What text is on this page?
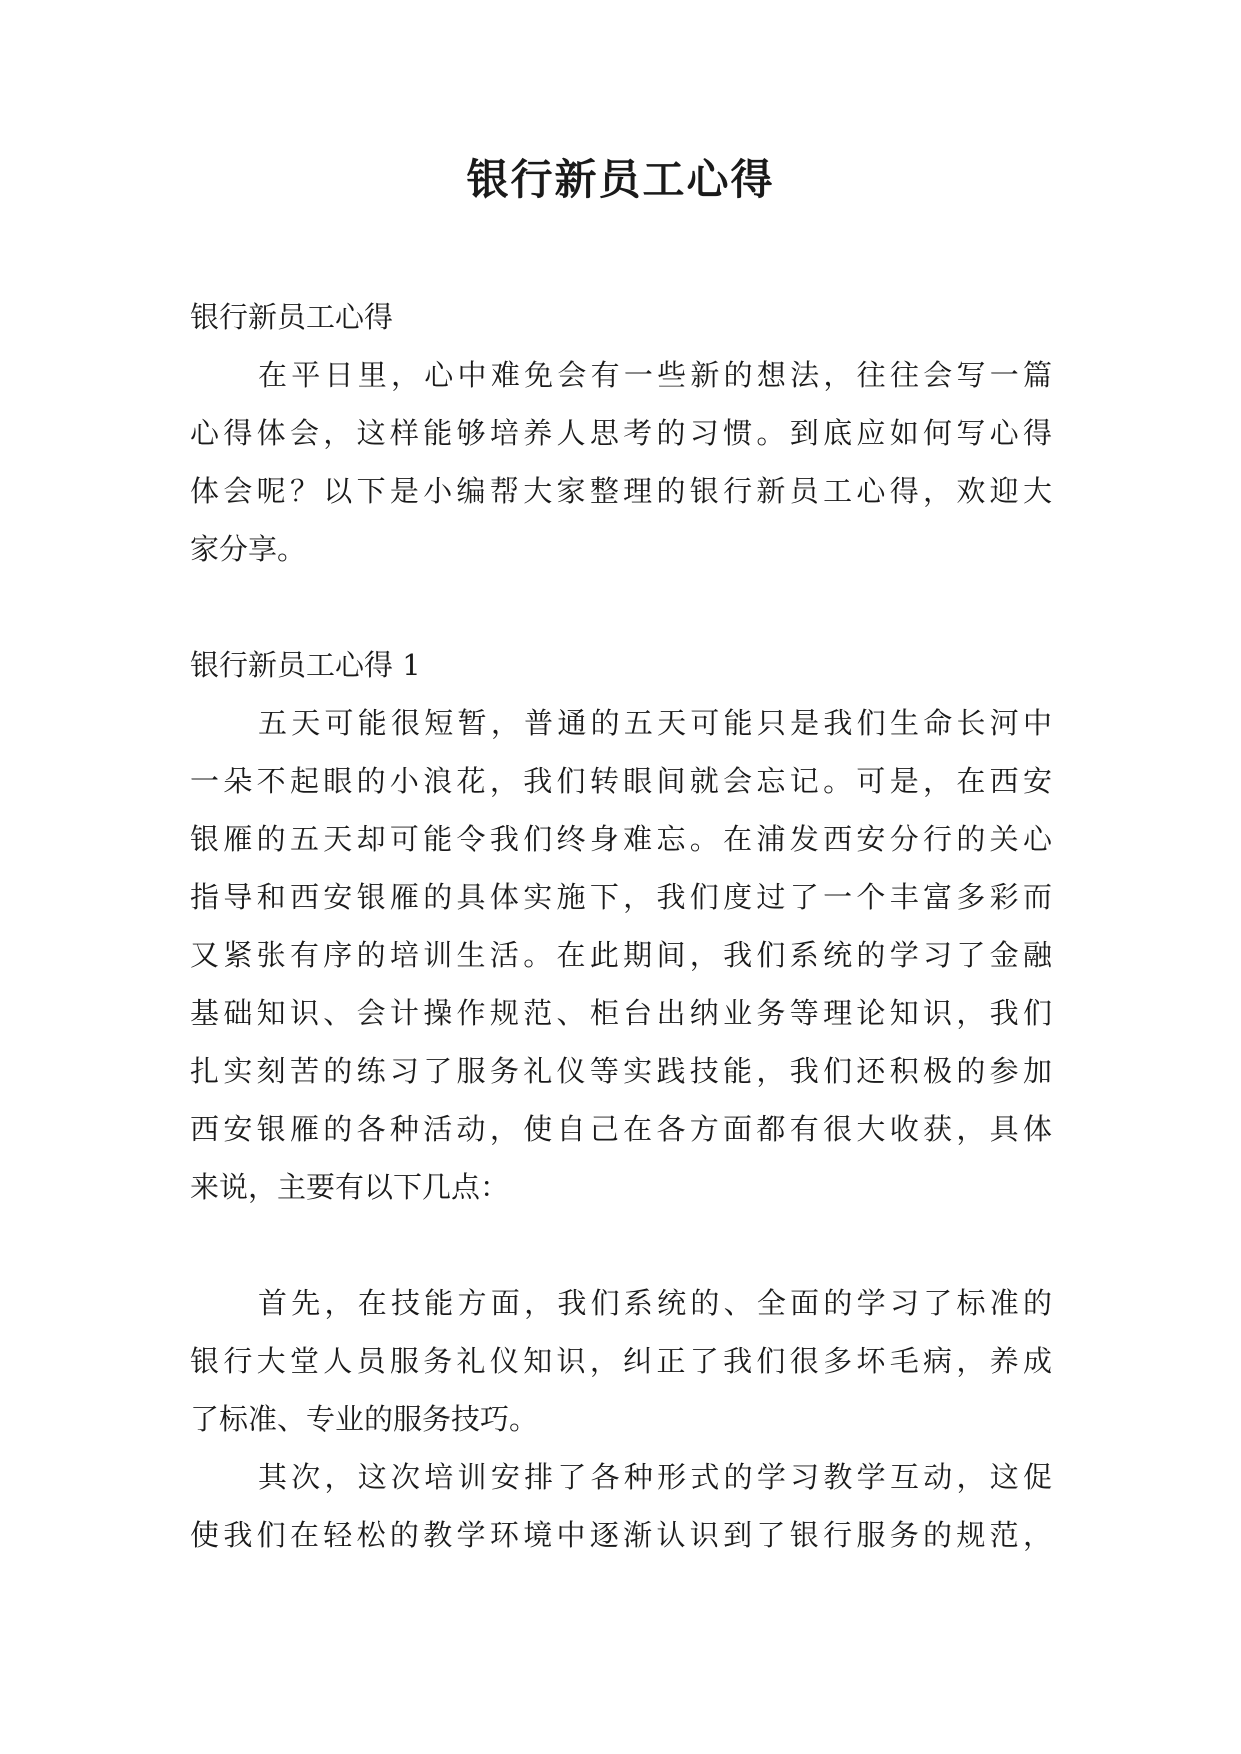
银行新员工心得
银行新员工心得
在平日里，心中难免会有一些新的想法，往往会写一篇
心得体会，这样能够培养人思考的习惯。到底应如何写心得
体会呢？以下是小编帮大家整理的银行新员工心得，欢迎大
家分享。
银行新员工心得 1
五天可能很短暂，普通的五天可能只是我们生命长河中
一朵不起眼的小浪花，我们转眼间就会忘记。可是，在西安
银雁的五天却可能令我们终身难忘。在浦发西安分行的关心
指导和西安银雁的具体实施下，我们度过了一个丰富多彩而
又紧张有序的培训生活。在此期间，我们系统的学习了金融
基础知识、会计操作规范、柜台出纳业务等理论知识，我们
扎实刻苦的练习了服务礼仪等实践技能，我们还积极的参加
西安银雁的各种活动，使自己在各方面都有很大收获，具体
来说，主要有以下几点：
首先，在技能方面，我们系统的、全面的学习了标准的
银行大堂人员服务礼仪知识，纠正了我们很多坏毛病，养成
了标准、专业的服务技巧。
其次，这次培训安排了各种形式的学习教学互动，这促
使我们在轻松的教学环境中逐渐认识到了银行服务的规范，
